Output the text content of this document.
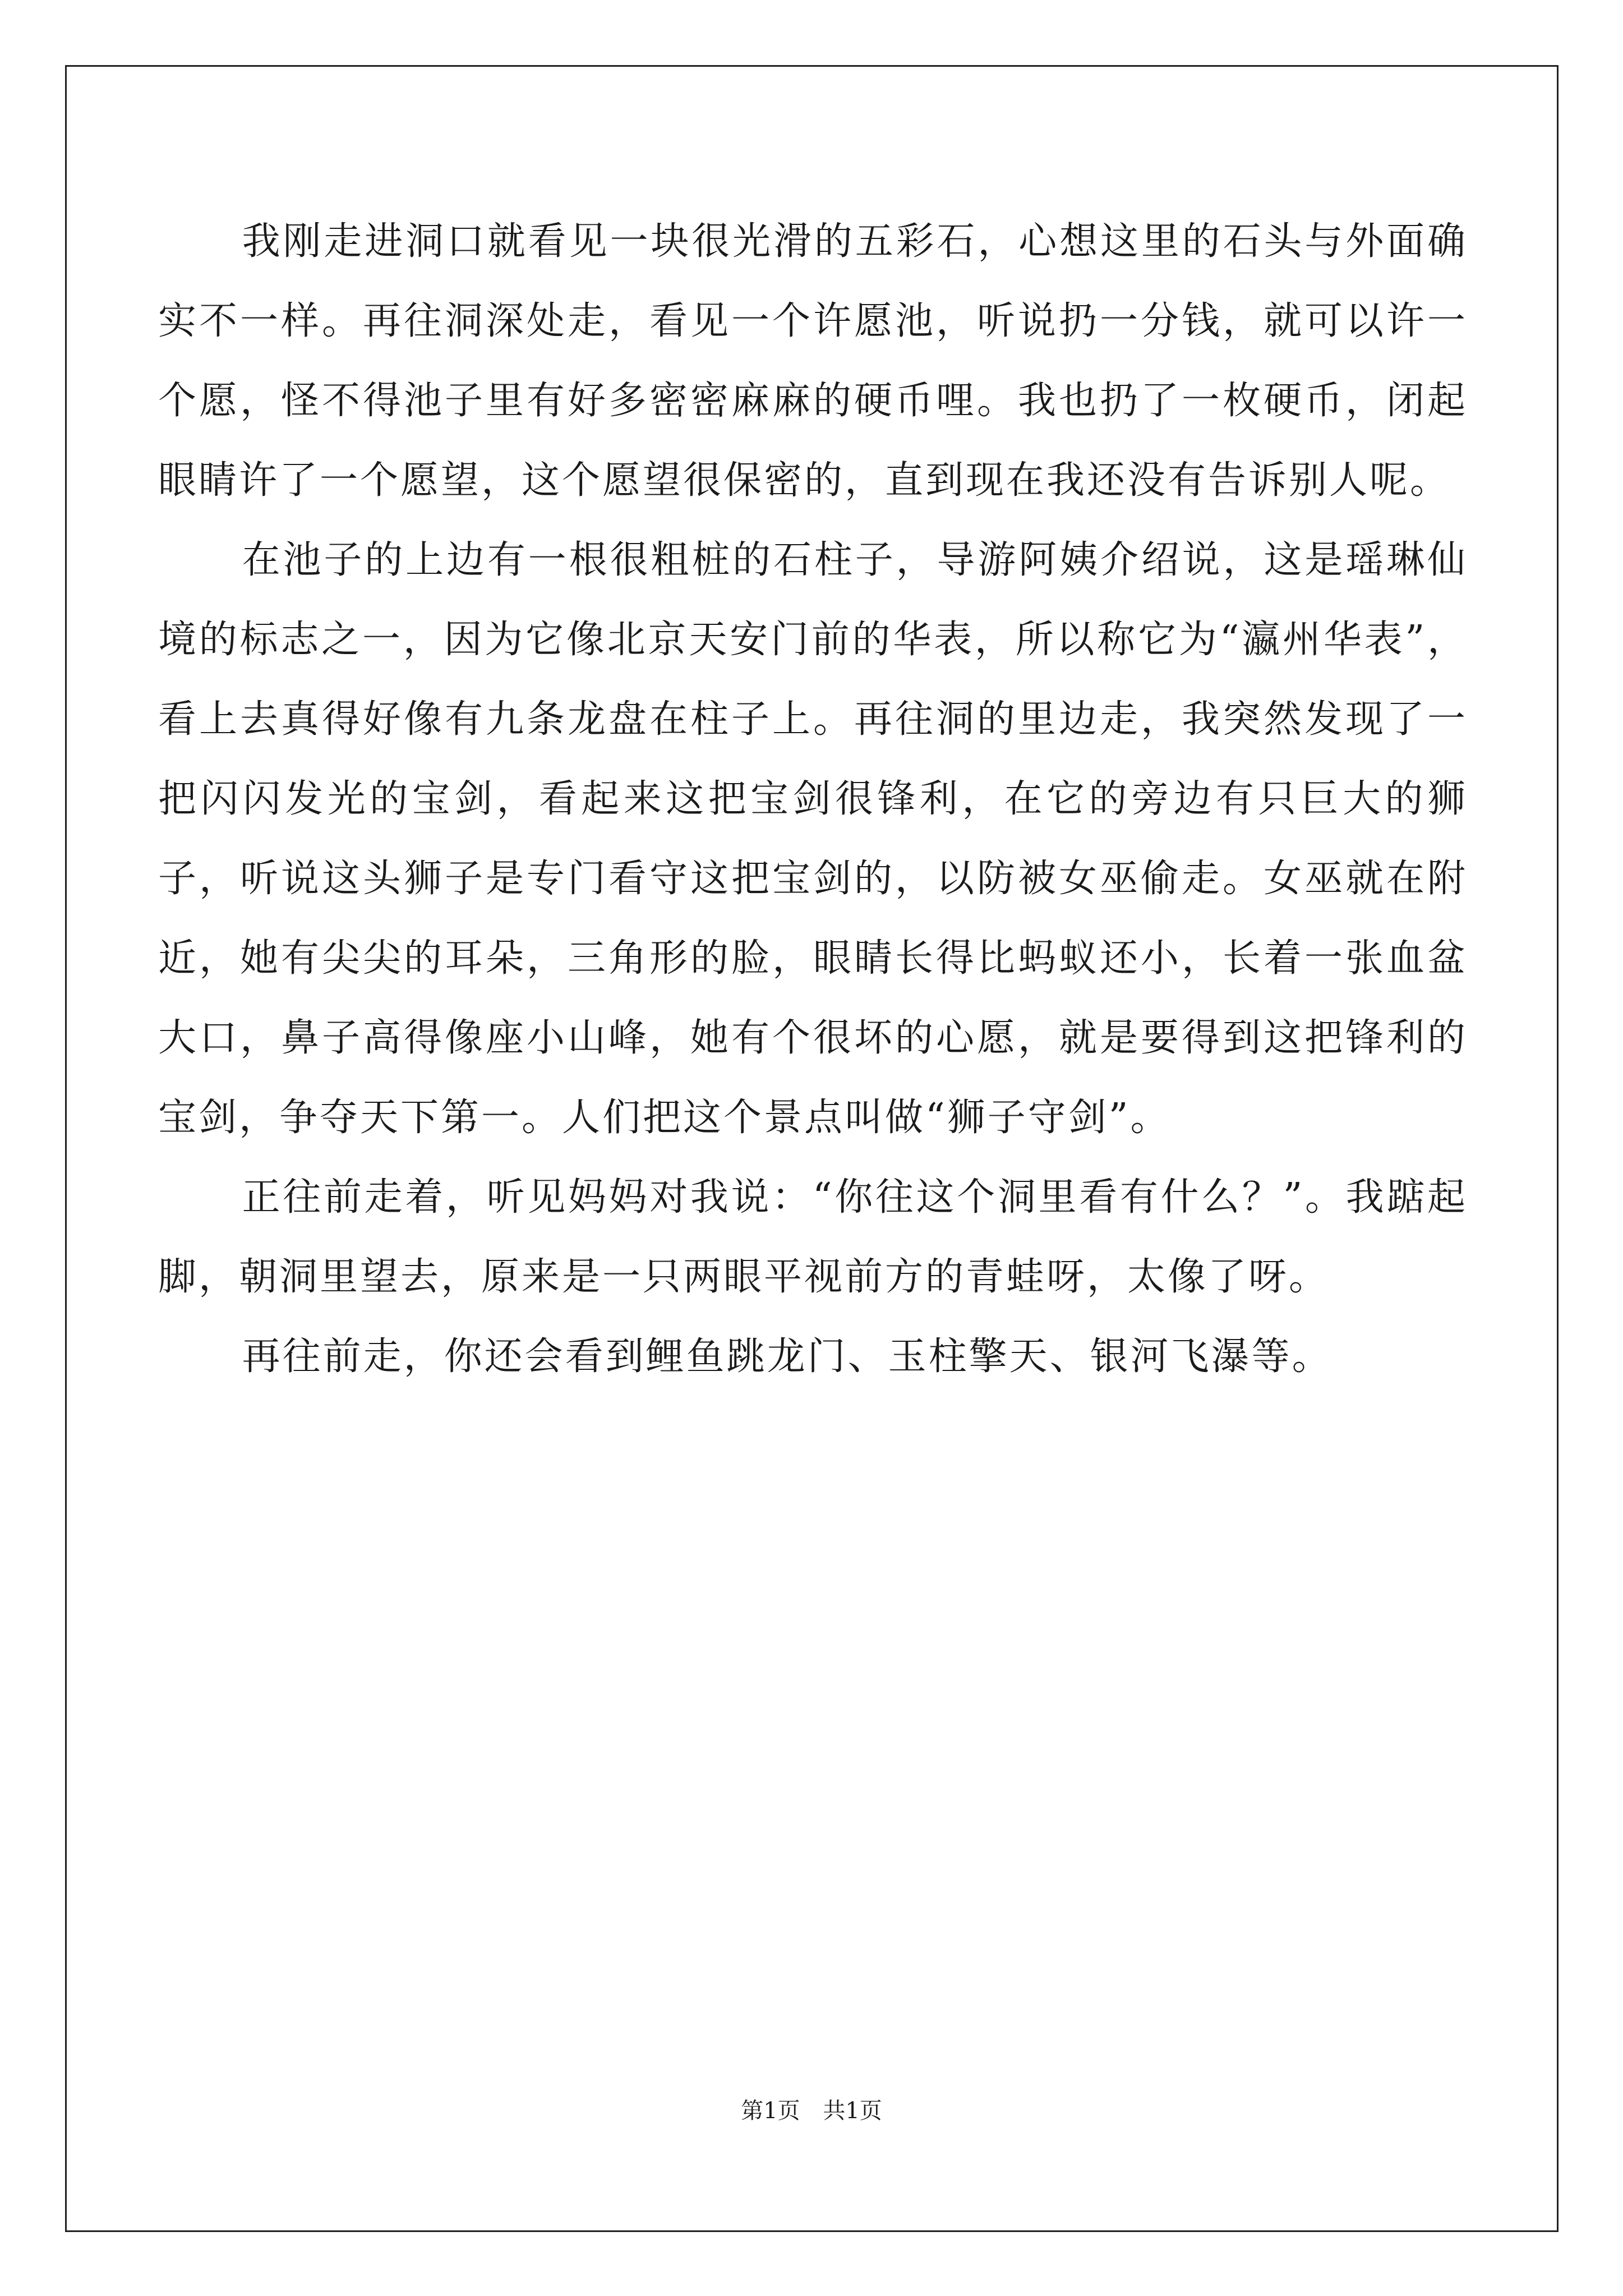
我刚走进洞口就看见一块很光滑的五彩石，心想这里的石头与外面确实不一样。再往洞深处走，看见一个许愿池，听说扔一分钱，就可以许一个愿，怪不得池子里有好多密密麻麻的硬币哩。我也扔了一枚硬币，闭起眼睛许了一个愿望，这个愿望很保密的，直到现在我还没有告诉别人呢。

在池子的上边有一根很粗桩的石柱子，导游阿姨介绍说，这是瑶琳仙境的标志之一，因为它像北京天安门前的华表，所以称它为“瀛州华表”，看上去真得好像有九条龙盘在柱子上。再往洞的里边走，我突然发现了一把闪闪发光的宝剑，看起来这把宝剑很锋利，在它的旁边有只巨大的狮子，听说这头狮子是专门看守这把宝剑的，以防被女巫偷走。女巫就在附近，她有尖尖的耳朵，三角形的脸，眼睛长得比蚂蚁还小，长着一张血盆大口，鼻子高得像座小山峰，她有个很坏的心愿，就是要得到这把锋利的宝剑，争夺天下第一。人们把这个景点叫做“狮子守剑”。

正往前走着，听见妈妈对我说：“你往这个洞里看有什么？”。我踮起脚，朝洞里望去，原来是一只两眼平视前方的青蛙呀，太像了呀。

再往前走，你还会看到鲤鱼跳龙门、玉柱擎天、银河飞瀑等。

第1页 共1页
